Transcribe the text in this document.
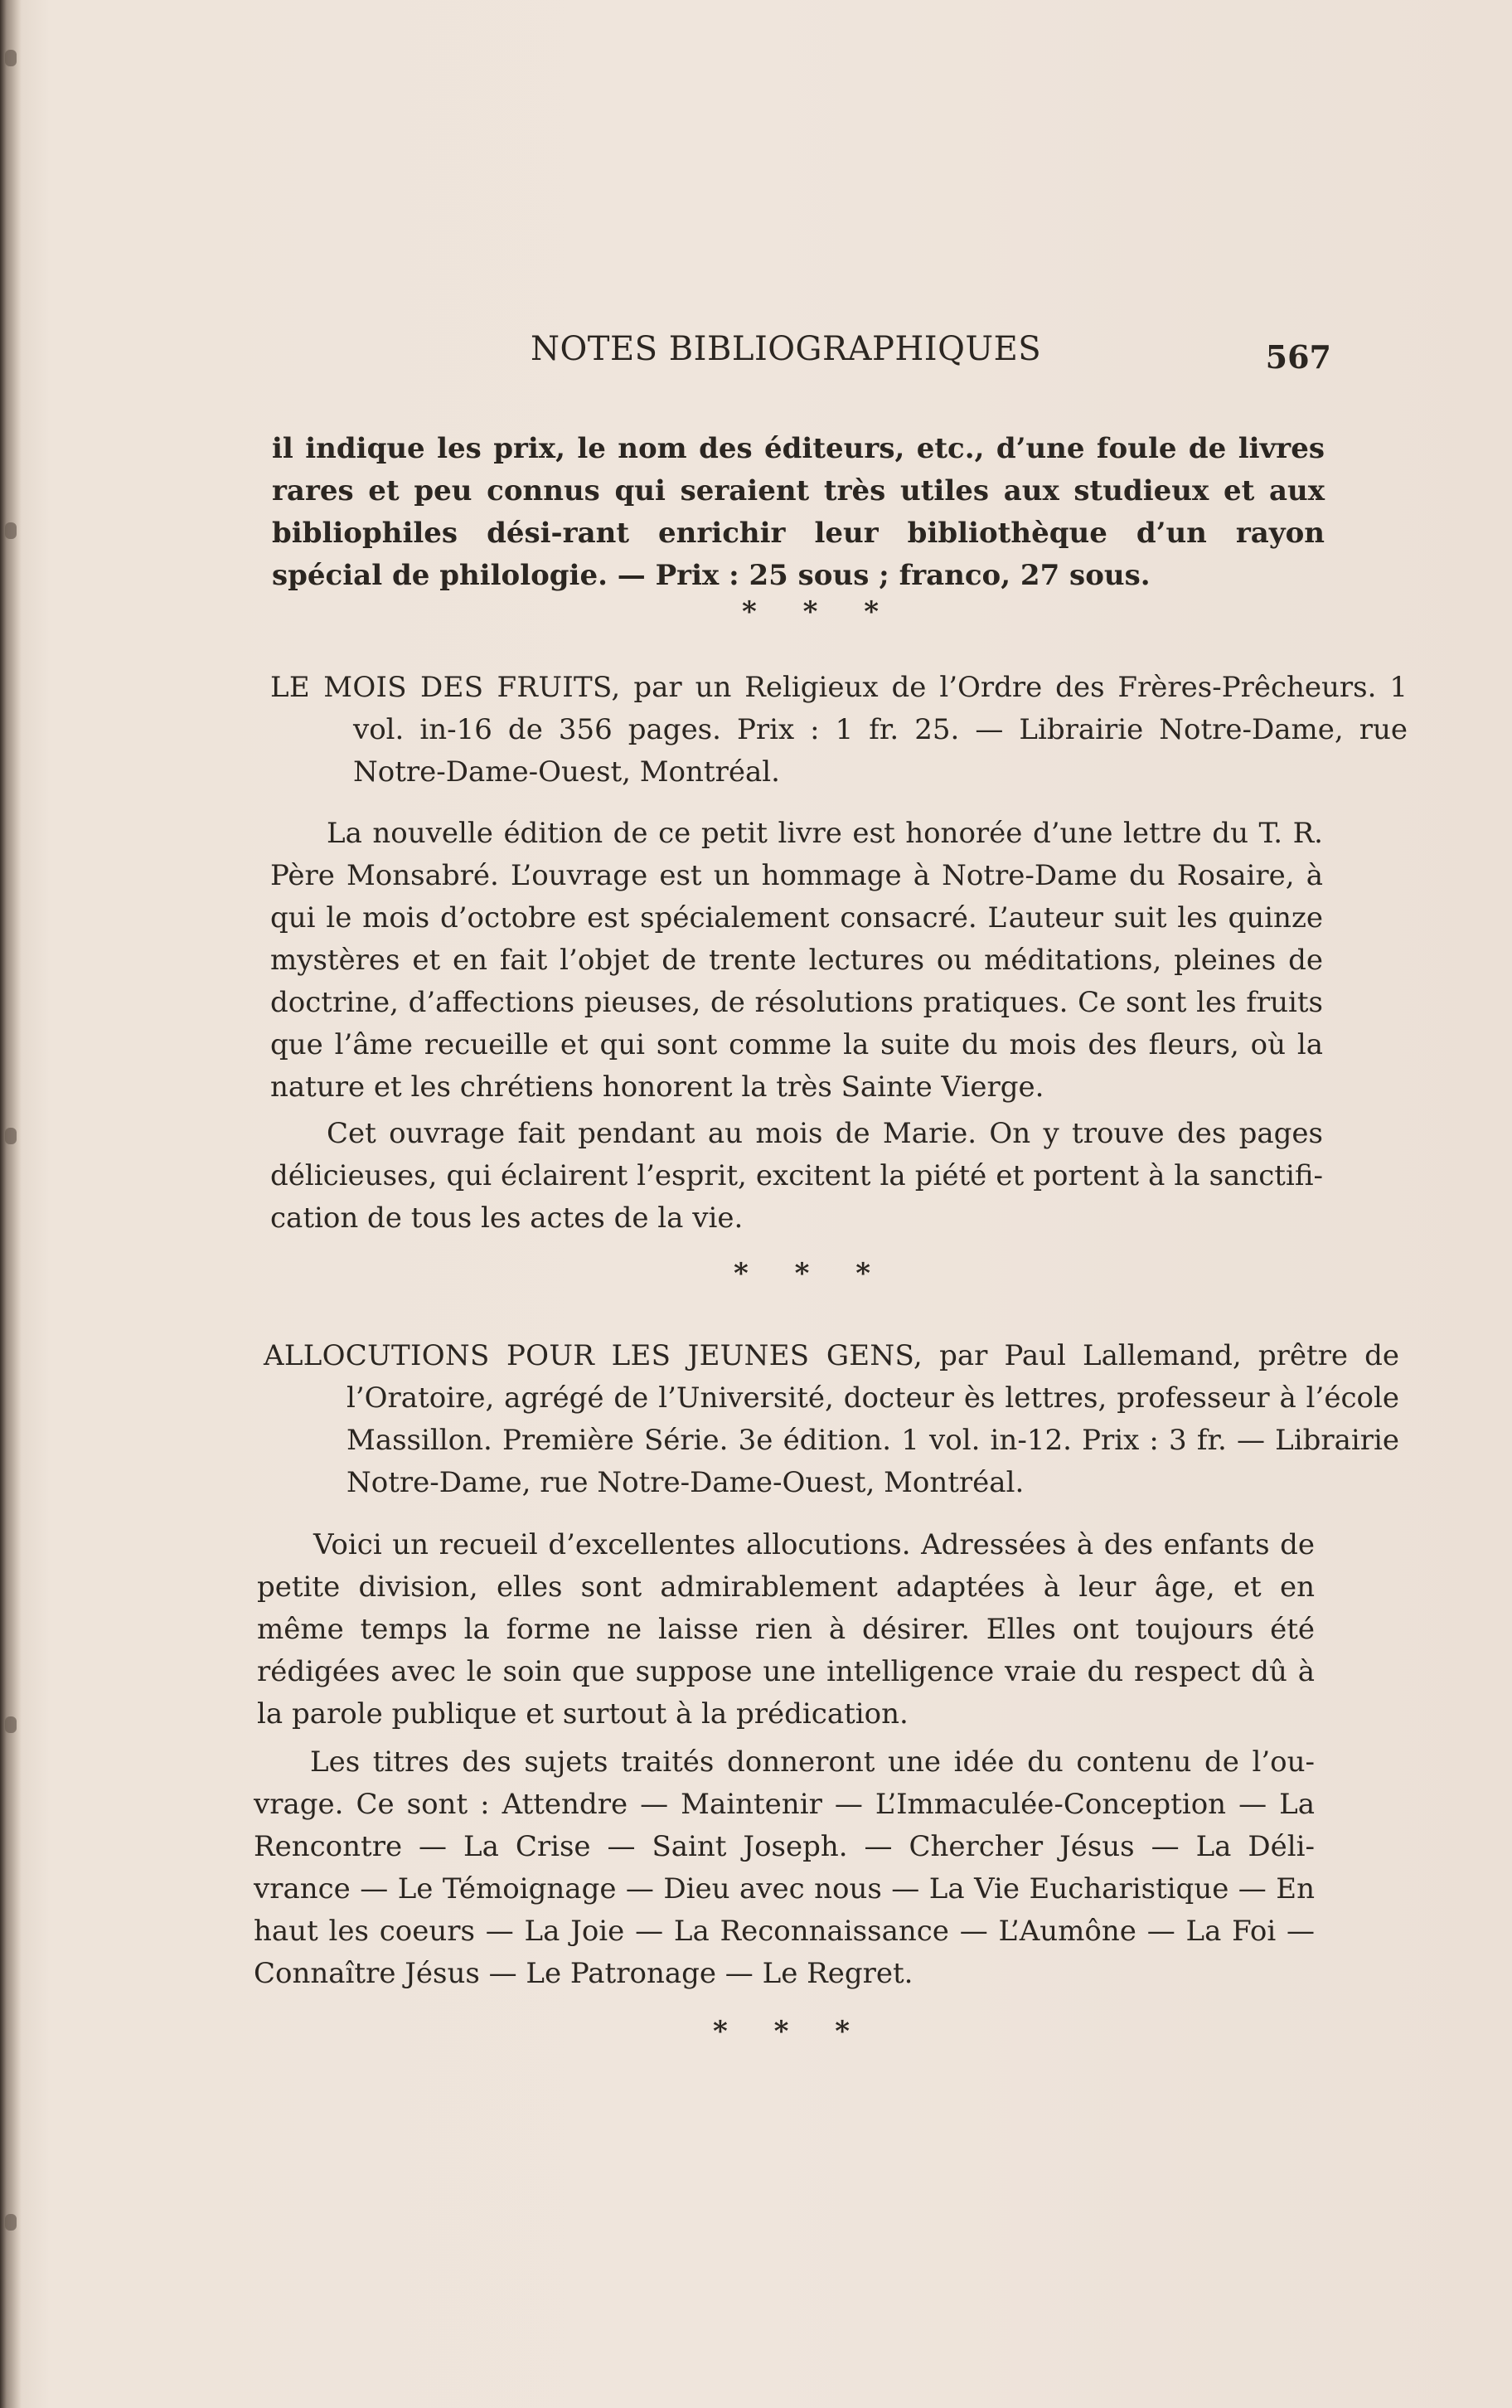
NOTES BIBLIOGRAPHIQUES	567

il indique les prix, le nom des éditeurs, etc., d’une foule de livres rares et peu connus qui seraient très utiles aux studieux et aux bibliophiles dési-rant enrichir leur bibliothèque d’un rayon spécial de philologie. — Prix : 25 sous ; franco, 27 sous.

* * *

LE MOIS DES FRUITS, par un Religieux de l’Ordre des Frères-Prêcheurs. 1 vol. in-16 de 356 pages. Prix : 1 fr. 25. — Librairie Notre-Dame, rue Notre-Dame-Ouest, Montréal.

La nouvelle édition de ce petit livre est honorée d’une lettre du T. R. Père Monsabré. L’ouvrage est un hommage à Notre-Dame du Rosaire, à qui le mois d’octobre est spécialement consacré. L’auteur suit les quinze mystères et en fait l’objet de trente lectures ou méditations, pleines de doctrine, d’affections pieuses, de résolutions pratiques. Ce sont les fruits que l’âme recueille et qui sont comme la suite du mois des fleurs, où la nature et les chrétiens honorent la très Sainte Vierge.

Cet ouvrage fait pendant au mois de Marie. On y trouve des pages délicieuses, qui éclairent l’esprit, excitent la piété et portent à la sanctifi-cation de tous les actes de la vie.

* * *

ALLOCUTIONS POUR LES JEUNES GENS, par Paul Lallemand, prêtre de l’Oratoire, agrégé de l’Université, docteur ès lettres, professeur à l’école Massillon. Première Série. 3e édition. 1 vol. in-12. Prix : 3 fr. — Librairie Notre-Dame, rue Notre-Dame-Ouest, Montréal.

Voici un recueil d’excellentes allocutions. Adressées à des enfants de petite division, elles sont admirablement adaptées à leur âge, et en même temps la forme ne laisse rien à désirer. Elles ont toujours été rédigées avec le soin que suppose une intelligence vraie du respect dû à la parole publique et surtout à la prédication.

Les titres des sujets traités donneront une idée du contenu de l’ou-vrage. Ce sont : Attendre — Maintenir — L’Immaculée-Conception — La Rencontre — La Crise — Saint Joseph. — Chercher Jésus — La Déli-vrance — Le Témoignage — Dieu avec nous — La Vie Eucharistique — En haut les coeurs — La Joie — La Reconnaissance — L’Aumône — La Foi — Connaître Jésus — Le Patronage — Le Regret.

* * *
